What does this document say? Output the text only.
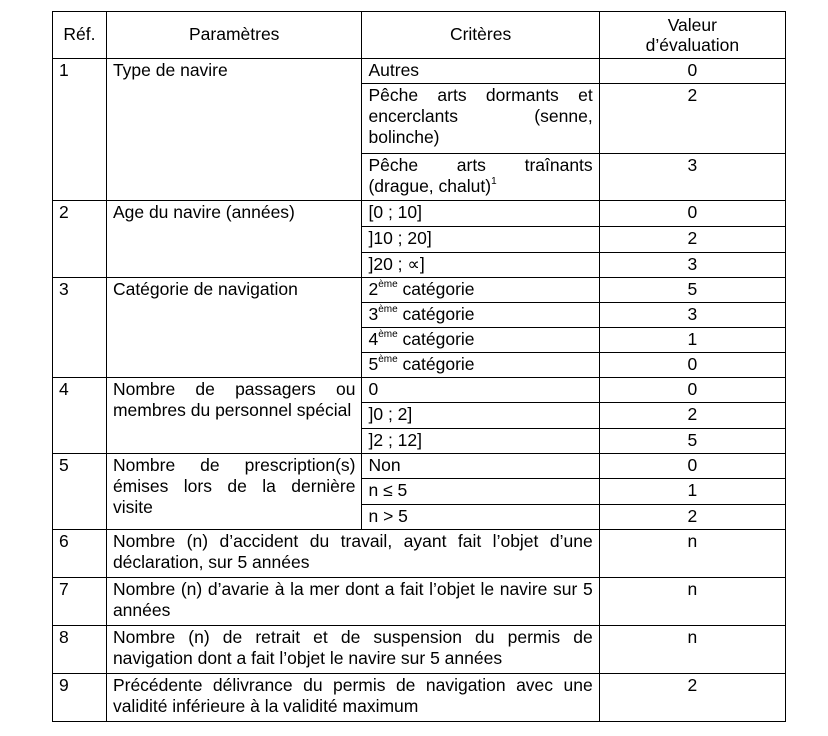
Réf.	Paramètres	Critères	Valeur
d’évaluation
1	Type de navire	Autres	0
		Pêche arts dormants et encerclants (senne, bolinche)	2
		Pêche arts traînants (drague, chalut)$^1$	3
2	Age du navire (années)	[0 ; 10]	0
		]10 ; 20]	2
		]20 ; ∝]	3
3	Catégorie de navigation	2ème catégorie	5
		3ème catégorie	3
		4ème catégorie	1
		5ème catégorie	0
4	Nombre de passagers ou membres du personnel spécial	0	0
		]0 ; 2]	2
		]2 ; 12]	5
5	Nombre de prescription(s) émises lors de la dernière visite	Non	0
		n ≤ 5	1
		n > 5	2
6	Nombre (n) d’accident du travail, ayant fait l’objet d’une déclaration, sur 5 années		n
7	Nombre (n) d’avarie à la mer dont a fait l’objet le navire sur 5 années		n
8	Nombre (n) de retrait et de suspension du permis de navigation dont a fait l’objet le navire sur 5 années		n
9	Précédente délivrance du permis de navigation avec une validité inférieure à la validité maximum		2
